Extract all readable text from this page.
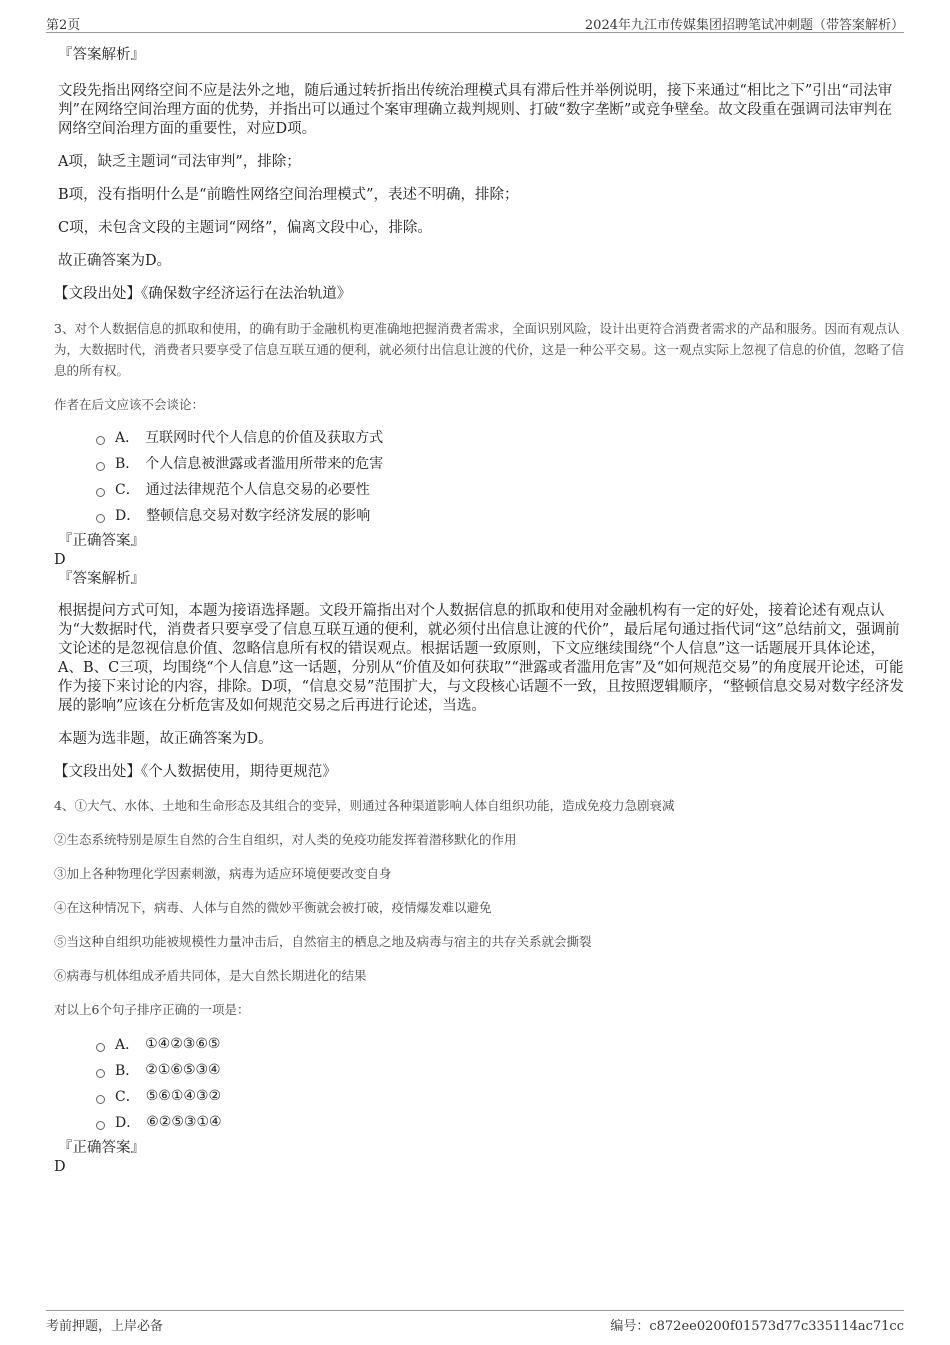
第2页	2024年九江市传媒集团招聘笔试冲刺题（带答案解析）
『答案解析』
文段先指出网络空间不应是法外之地，随后通过转折指出传统治理模式具有滞后性并举例说明，接下来通过“相比之下”引出“司法审判”在网络空间治理方面的优势，并指出可以通过个案审理确立裁判规则、打破“数字垄断”或竞争壁垒。故文段重在强调司法审判在网络空间治理方面的重要性，对应D项。
A项，缺乏主题词“司法审判”，排除；
B项，没有指明什么是“前瞻性网络空间治理模式”，表述不明确，排除；
C项，未包含文段的主题词“网络”，偏离文段中心，排除。
故正确答案为D。
【文段出处】《确保数字经济运行在法治轨道》
3、对个人数据信息的抓取和使用，的确有助于金融机构更准确地把握消费者需求，全面识别风险，设计出更符合消费者需求的产品和服务。因而有观点认为，大数据时代，消费者只要享受了信息互联互通的便利，就必须付出信息让渡的代价，这是一种公平交易。这一观点实际上忽视了信息的价值，忽略了信息的所有权。
作者在后文应该不会谈论：
A． 互联网时代个人信息的价值及获取方式
B． 个人信息被泄露或者滥用所带来的危害
C． 通过法律规范个人信息交易的必要性
D． 整顿信息交易对数字经济发展的影响
『正确答案』
D
『答案解析』
根据提问方式可知，本题为接语选择题。文段开篇指出对个人数据信息的抓取和使用对金融机构有一定的好处，接着论述有观点认为“大数据时代，消费者只要享受了信息互联互通的便利，就必须付出信息让渡的代价”，最后尾句通过指代词“这”总结前文，强调前文论述的是忽视信息价值、忽略信息所有权的错误观点。根据话题一致原则，下文应继续围绕“个人信息”这一话题展开具体论述，A、B、C三项，均围绕“个人信息”这一话题，分别从“价值及如何获取”“泄露或者滥用危害”及“如何规范交易”的角度展开论述，可能作为接下来讨论的内容，排除。D项，“信息交易”范围扩大，与文段核心话题不一致，且按照逻辑顺序，“整顿信息交易对数字经济发展的影响”应该在分析危害及如何规范交易之后再进行论述，当选。
本题为选非题，故正确答案为D。
【文段出处】《个人数据使用，期待更规范》
4、①大气、水体、土地和生命形态及其组合的变异，则通过各种渠道影响人体自组织功能，造成免疫力急剧衰减
②生态系统特别是原生自然的合生自组织，对人类的免疫功能发挥着潜移默化的作用
③加上各种物理化学因素刺激，病毒为适应环境便要改变自身
④在这种情况下，病毒、人体与自然的微妙平衡就会被打破，疫情爆发难以避免
⑤当这种自组织功能被规模性力量冲击后，自然宿主的栖息之地及病毒与宿主的共存关系就会撕裂
⑥病毒与机体组成矛盾共同体，是大自然长期进化的结果
对以上6个句子排序正确的一项是：
A． ①④②③⑥⑤
B． ②①⑥⑤③④
C． ⑤⑥①④③②
D． ⑥②⑤③①④
『正确答案』
D
考前押题，上岸必备	编号：c872ee0200f01573d77c335114ac71cc
